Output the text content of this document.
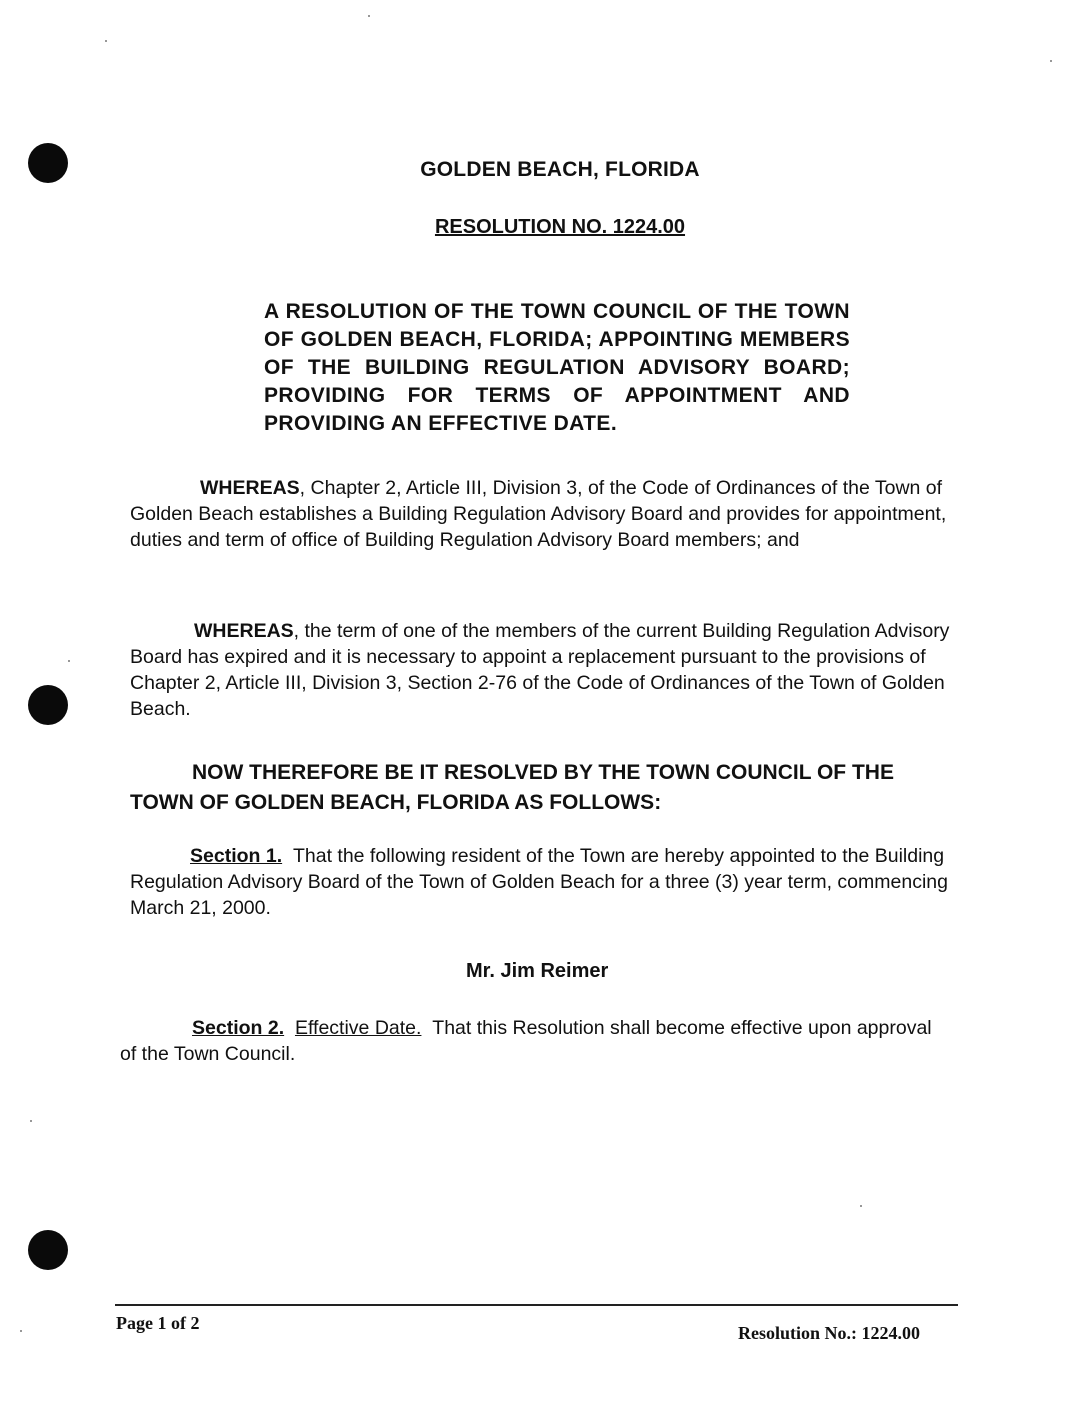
GOLDEN BEACH, FLORIDA
RESOLUTION NO. 1224.00
A RESOLUTION OF THE TOWN COUNCIL OF THE TOWN OF GOLDEN BEACH, FLORIDA; APPOINTING MEMBERS OF THE BUILDING REGULATION ADVISORY BOARD; PROVIDING FOR TERMS OF APPOINTMENT AND PROVIDING AN EFFECTIVE DATE.
WHEREAS, Chapter 2, Article III, Division 3, of the Code of Ordinances of the Town of Golden Beach establishes a Building Regulation Advisory Board and provides for appointment, duties and term of office of Building Regulation Advisory Board members; and
WHEREAS, the term of one of the members of the current Building Regulation Advisory Board has expired and it is necessary to appoint a replacement pursuant to the provisions of Chapter 2, Article III, Division 3, Section 2-76 of the Code of Ordinances of the Town of Golden Beach.
NOW THEREFORE BE IT RESOLVED BY THE TOWN COUNCIL OF THE TOWN OF GOLDEN BEACH, FLORIDA AS FOLLOWS:
Section 1. That the following resident of the Town are hereby appointed to the Building Regulation Advisory Board of the Town of Golden Beach for a three (3) year term, commencing March 21, 2000.
Mr. Jim Reimer
Section 2. Effective Date. That this Resolution shall become effective upon approval of the Town Council.
Page 1 of 2	Resolution No.: 1224.00
